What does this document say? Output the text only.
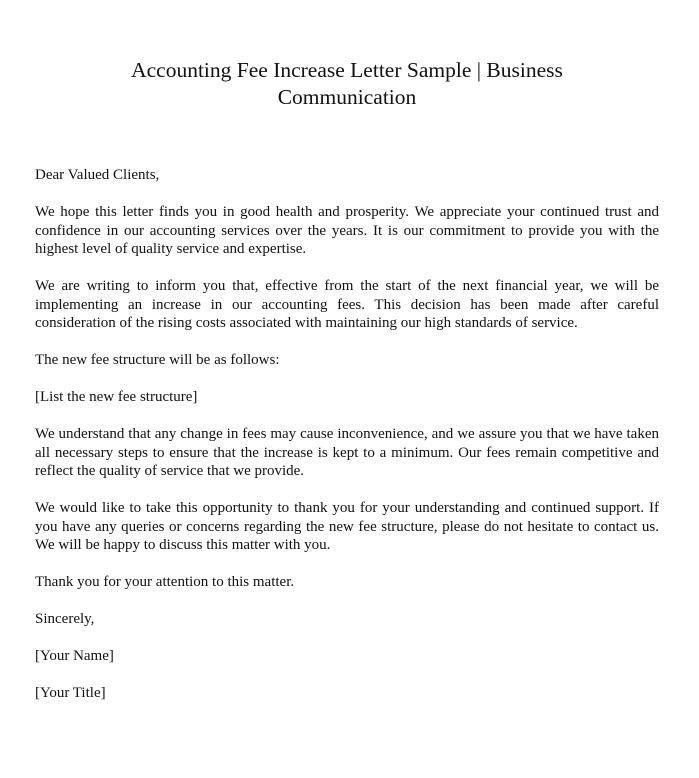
Accounting Fee Increase Letter Sample | Business
Communication

Dear Valued Clients,

We hope this letter finds you in good health and prosperity. We appreciate your continued trust and confidence in our accounting services over the years. It is our commitment to provide you with the highest level of quality service and expertise.

We are writing to inform you that, effective from the start of the next financial year, we will be implementing an increase in our accounting fees. This decision has been made after careful consideration of the rising costs associated with maintaining our high standards of service.

The new fee structure will be as follows:

[List the new fee structure]

We understand that any change in fees may cause inconvenience, and we assure you that we have taken all necessary steps to ensure that the increase is kept to a minimum. Our fees remain competitive and reflect the quality of service that we provide.

We would like to take this opportunity to thank you for your understanding and continued support. If you have any queries or concerns regarding the new fee structure, please do not hesitate to contact us. We will be happy to discuss this matter with you.

Thank you for your attention to this matter.

Sincerely,

[Your Name]

[Your Title]
